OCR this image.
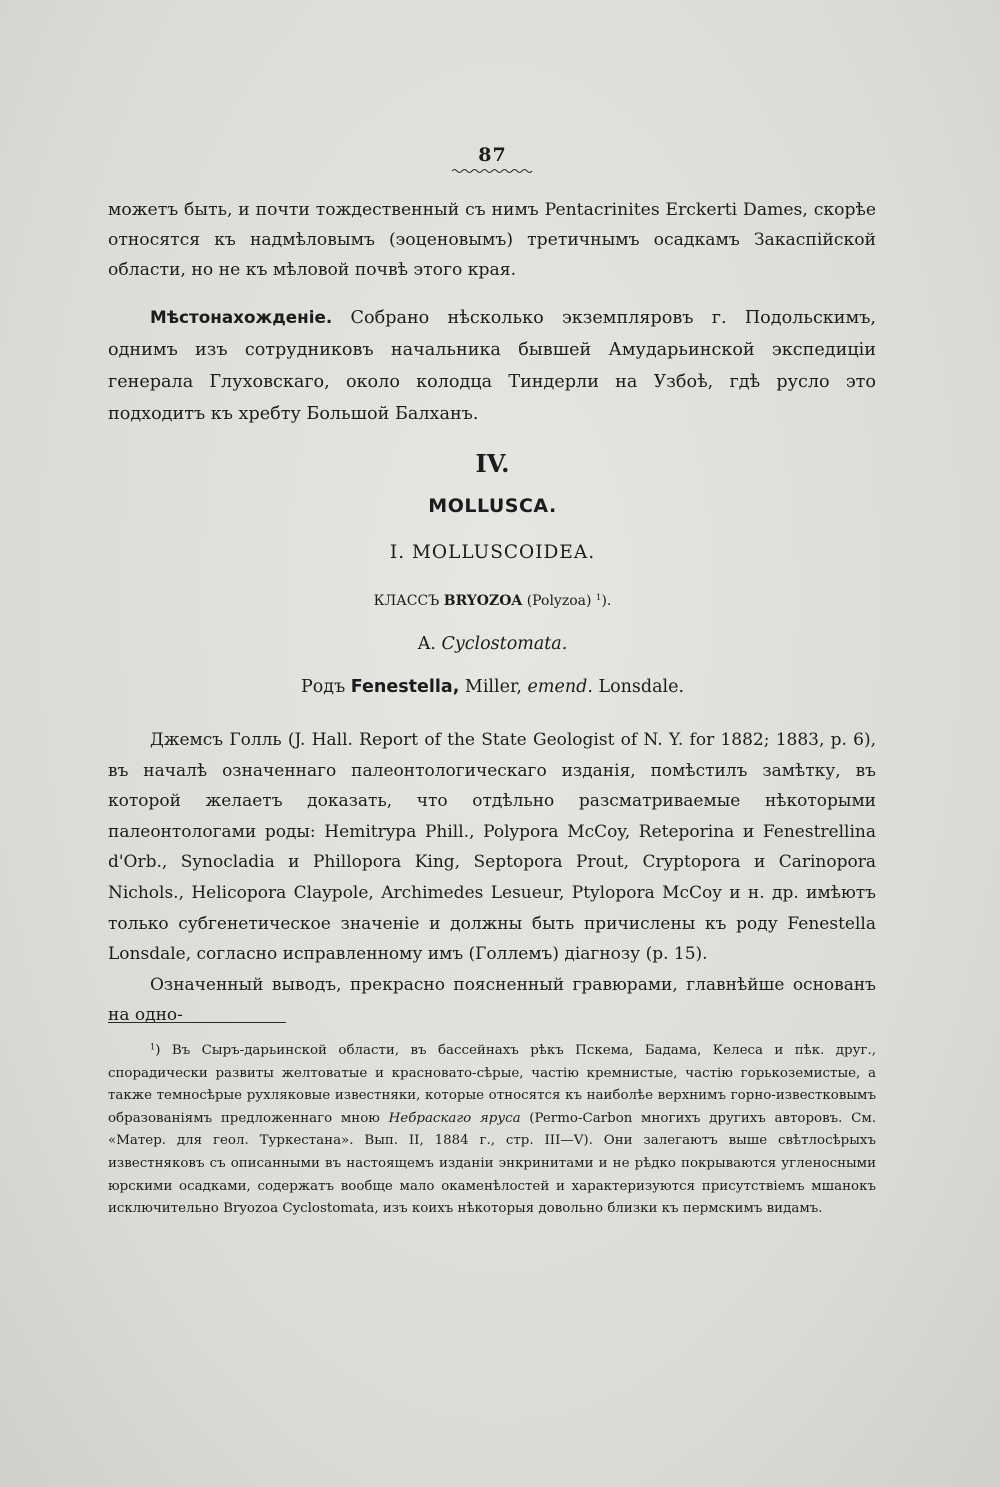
87

можетъ быть, и почти тождественный съ нимъ Pentacrinites Erckerti Dames, скорѣе относятся къ надмѣловымъ (эоценовымъ) третичнымъ осадкамъ Закаспійской области, но не къ мѣловой почвѣ этого края.

Мѣстонахожденіе. Собрано нѣсколько экземпляровъ г. Подольскимъ, однимъ изъ сотрудниковъ начальника бывшей Амударьинской экспедиціи генерала Глуховскаго, около колодца Тиндерли на Узбоѣ, гдѣ русло это подходитъ къ хребту Большой Балханъ.

IV.
MOLLUSCA.
I. MOLLUSCOIDEA.
КЛАССЪ BRYOZOA (Polyzoa) $^1$).
A. Cyclostomata.
Родъ Fenestella, Miller, emend. Lonsdale.

Джемсъ Голль (J. Hall. Report of the State Geologist of N. Y. for 1882; 1883, p. 6), въ началѣ означеннаго палеонтологическаго изданія, помѣстилъ замѣтку, въ которой желаетъ доказать, что отдѣльно разсматриваемые нѣкоторыми палеонтологами роды: Hemitrypa Phill., Polypora McCoy, Reteporina и Fenestrellina d'Orb., Synocladia и Phillopora King, Septopora Prout, Cryptopora и Carinopora Nichols., Helicopora Claypole, Archimedes Lesueur, Ptylopora McCoy и н. др. имѣютъ только субгенетическое значеніе и должны быть причислены къ роду Fenestella Lonsdale, согласно исправленному имъ (Голлемъ) діагнозу (p. 15).

Означенный выводъ, прекрасно поясненный гравюрами, главнѣйше основанъ на одно-

$^1$) Въ Сыръ-дарьинской области, въ бассейнахъ рѣкъ Пскема, Бадама, Келеса и пѣк. друг., спорадически развиты желтоватые и красновато-сѣрые, частію кремнистые, частію горькоземистые, а также темносѣрые рухляковые известняки, которые относятся къ наиболѣе верхнимъ горно-известковымъ образованіямъ предложеннаго мною Небраскаго яруса (Permo-Carbon многихъ другихъ авторовъ. См. «Матер. для геол. Туркестана». Вып. II, 1884 г., стр. III—V). Они залегаютъ выше свѣтлосѣрыхъ известняковъ съ описанными въ настоящемъ изданіи энкринитами и не рѣдко покрываются угленосными юрскими осадками, содержатъ вообще мало окаменѣлостей и характеризуются присутствіемъ мшанокъ исключительно Bryozoa Cyclostomata, изъ коихъ нѣкоторыя довольно близки къ пермскимъ видамъ.
